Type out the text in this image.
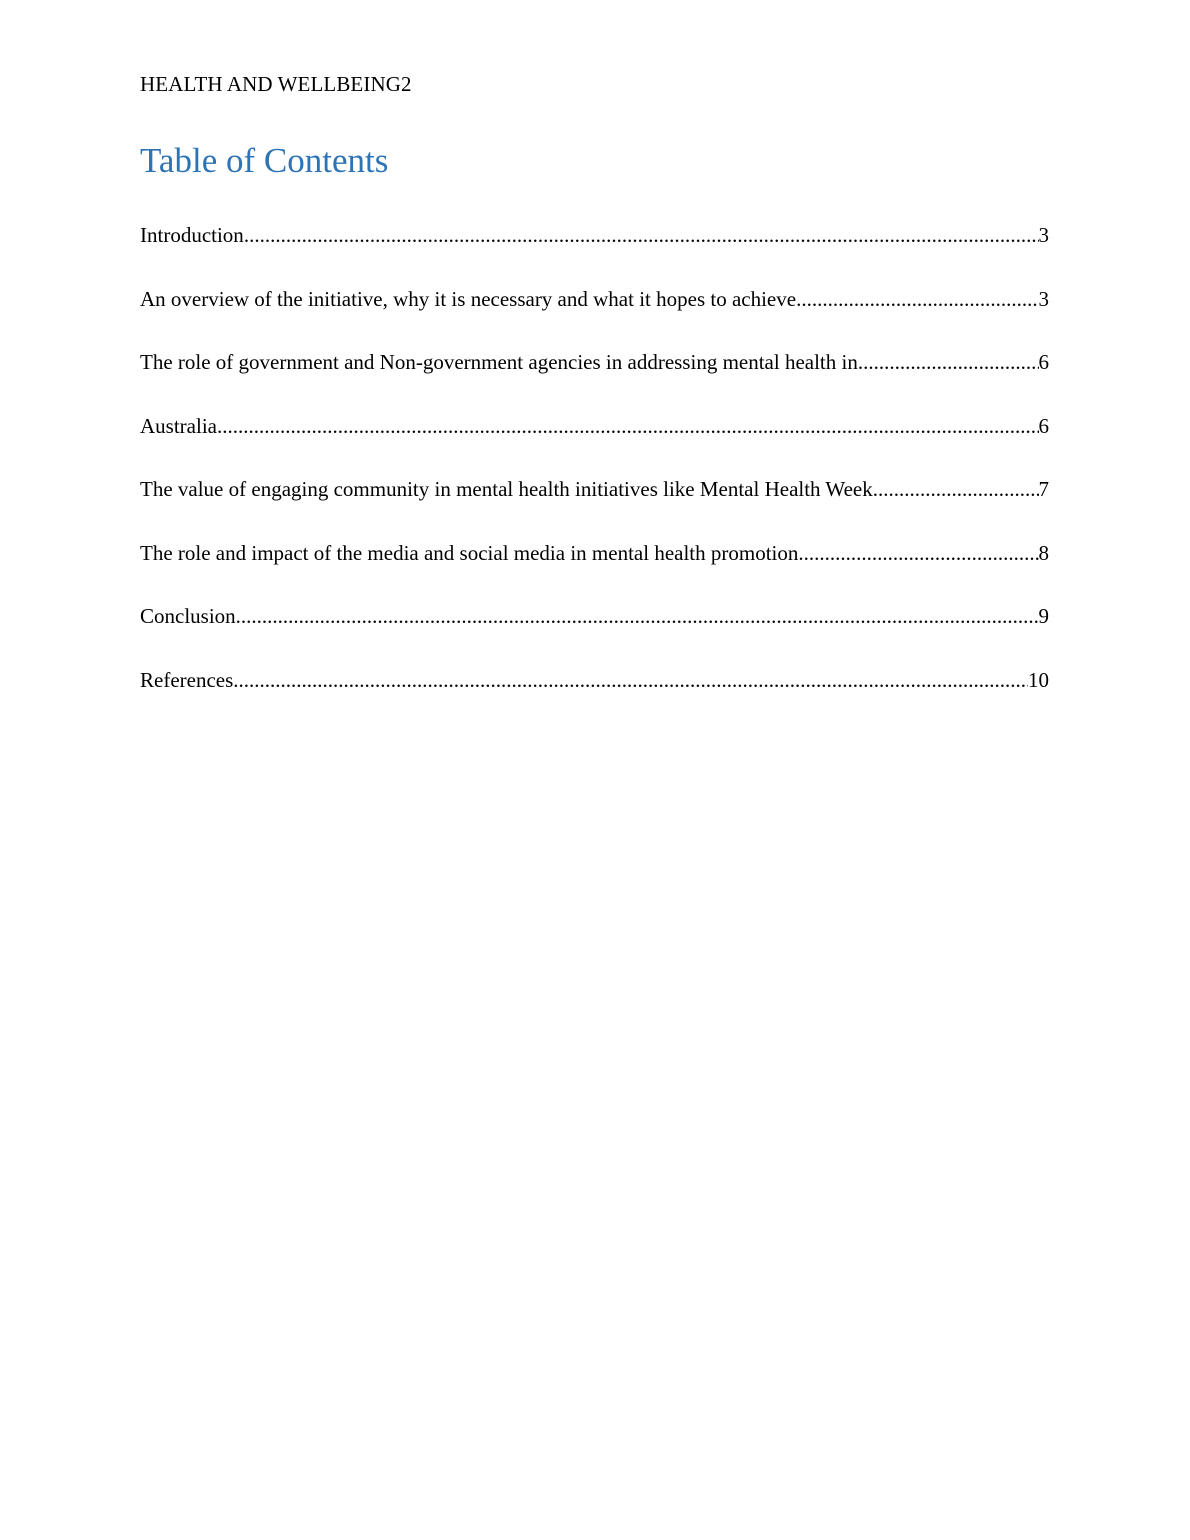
HEALTH AND WELLBEING2
Table of Contents
Introduction .....	3
An overview of the initiative, why it is necessary and what it hopes to achieve .....	3
The role of government and Non-government agencies in addressing mental health in .....	6
Australia .....	6
The value of engaging community in mental health initiatives like Mental Health Week .....	7
The role and impact of the media and social media in mental health promotion .....	8
Conclusion .....	9
References .....	10
